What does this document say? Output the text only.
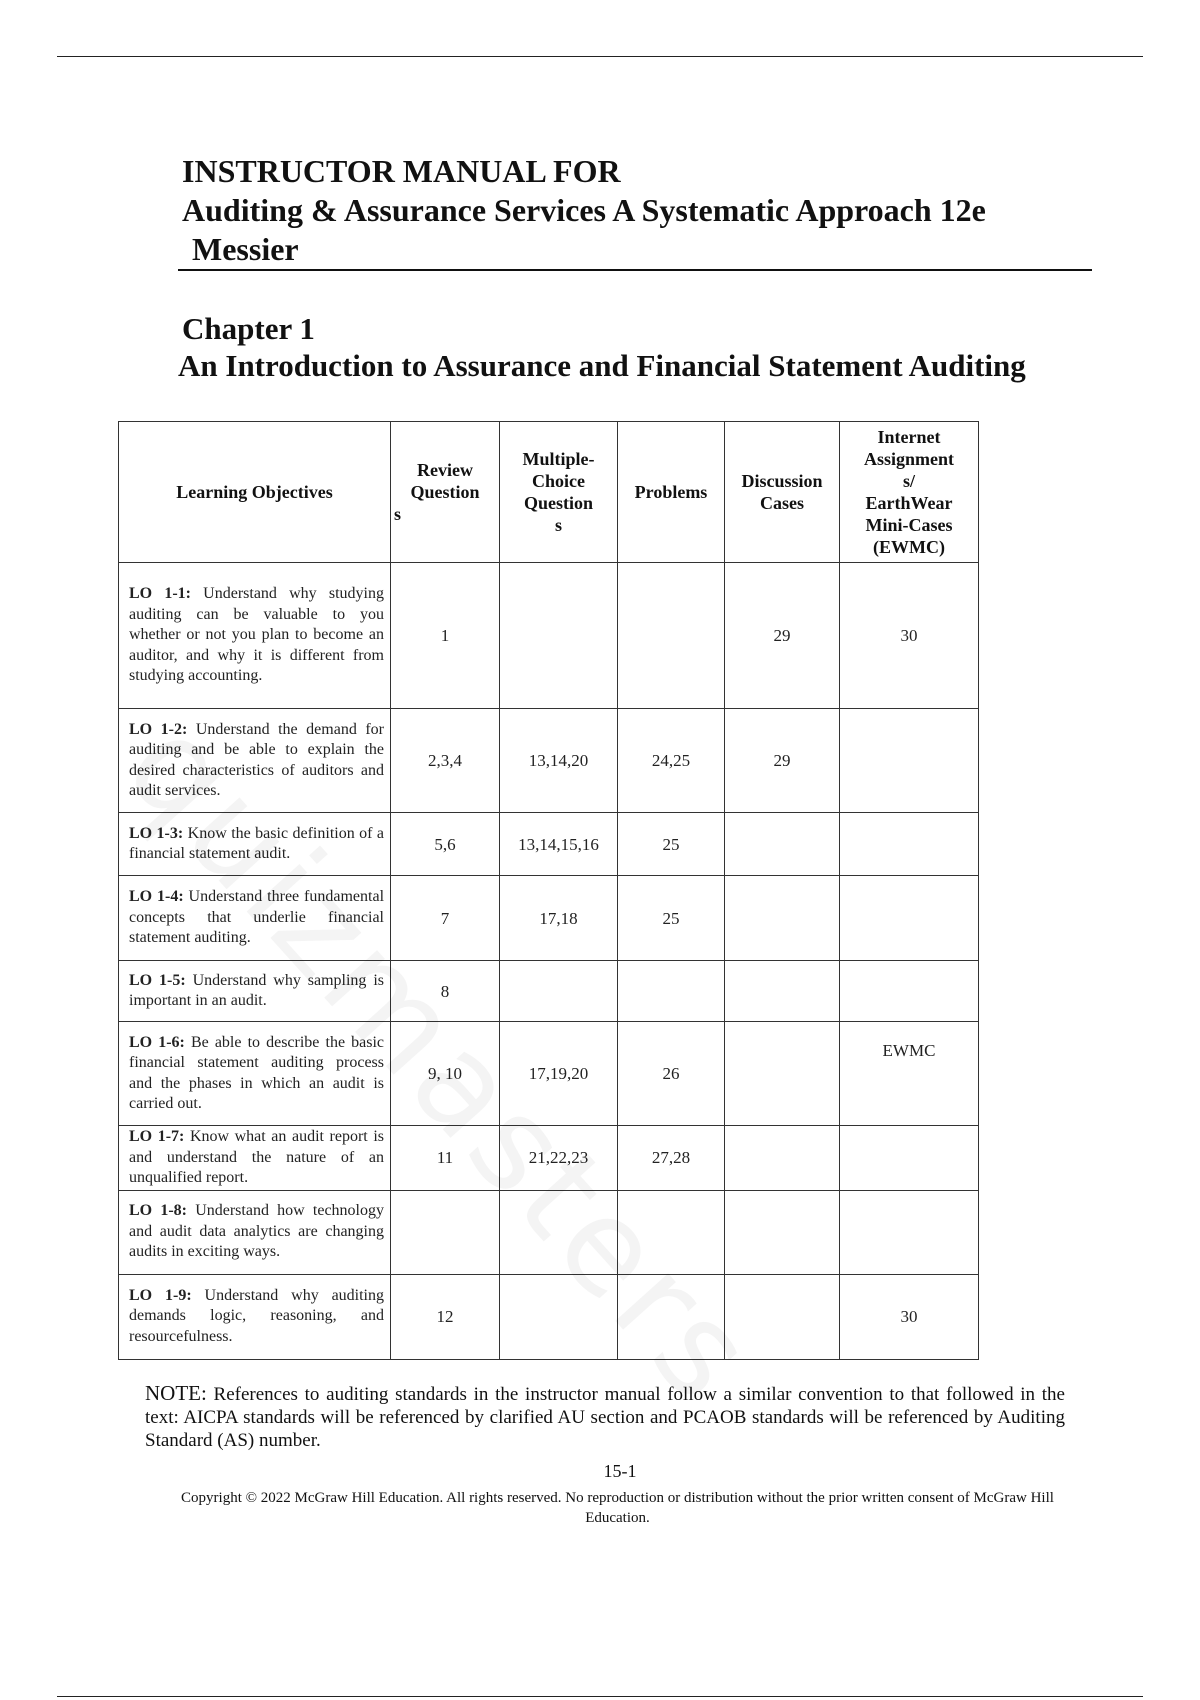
INSTRUCTOR MANUAL FOR
Auditing & Assurance Services A Systematic Approach 12e
Messier
Chapter 1
An Introduction to Assurance and Financial Statement Auditing
Learning Objectives	Review Question
s	Multiple-Choice Question
s	Problems	Discussion Cases	Internet Assignment
s/
EarthWear Mini-Cases (EWMC)

LO 1-1: Understand why studying auditing can be valuable to you whether or not you plan to become an auditor, and why it is different from studying accounting.	1			29	30
LO 1-2: Understand the demand for auditing and be able to explain the desired characteristics of auditors and audit services.	2,3,4	13,14,20	24,25	29	
LO 1-3: Know the basic definition of a financial statement audit.	5,6	13,14,15,16	25		
LO 1-4: Understand three fundamental concepts that underlie financial statement auditing.	7	17,18	25		
LO 1-5: Understand why sampling is important in an audit.	8				
LO 1-6: Be able to describe the basic financial statement auditing process and the phases in which an audit is carried out.	9, 10	17,19,20	26		EWMC
LO 1-7: Know what an audit report is and understand the nature of an unqualified report.	11	21,22,23	27,28		
LO 1-8: Understand how technology and audit data analytics are changing audits in exciting ways.					
LO 1-9: Understand why auditing demands logic, reasoning, and resourcefulness.	12				30
NOTE: References to auditing standards in the instructor manual follow a similar convention to that followed in the text: AICPA standards will be referenced by clarified AU section and PCAOB standards will be referenced by Auditing Standard (AS) number.
15-1
Copyright © 2022 McGraw Hill Education. All rights reserved. No reproduction or distribution without the prior written consent of McGraw Hill Education.
